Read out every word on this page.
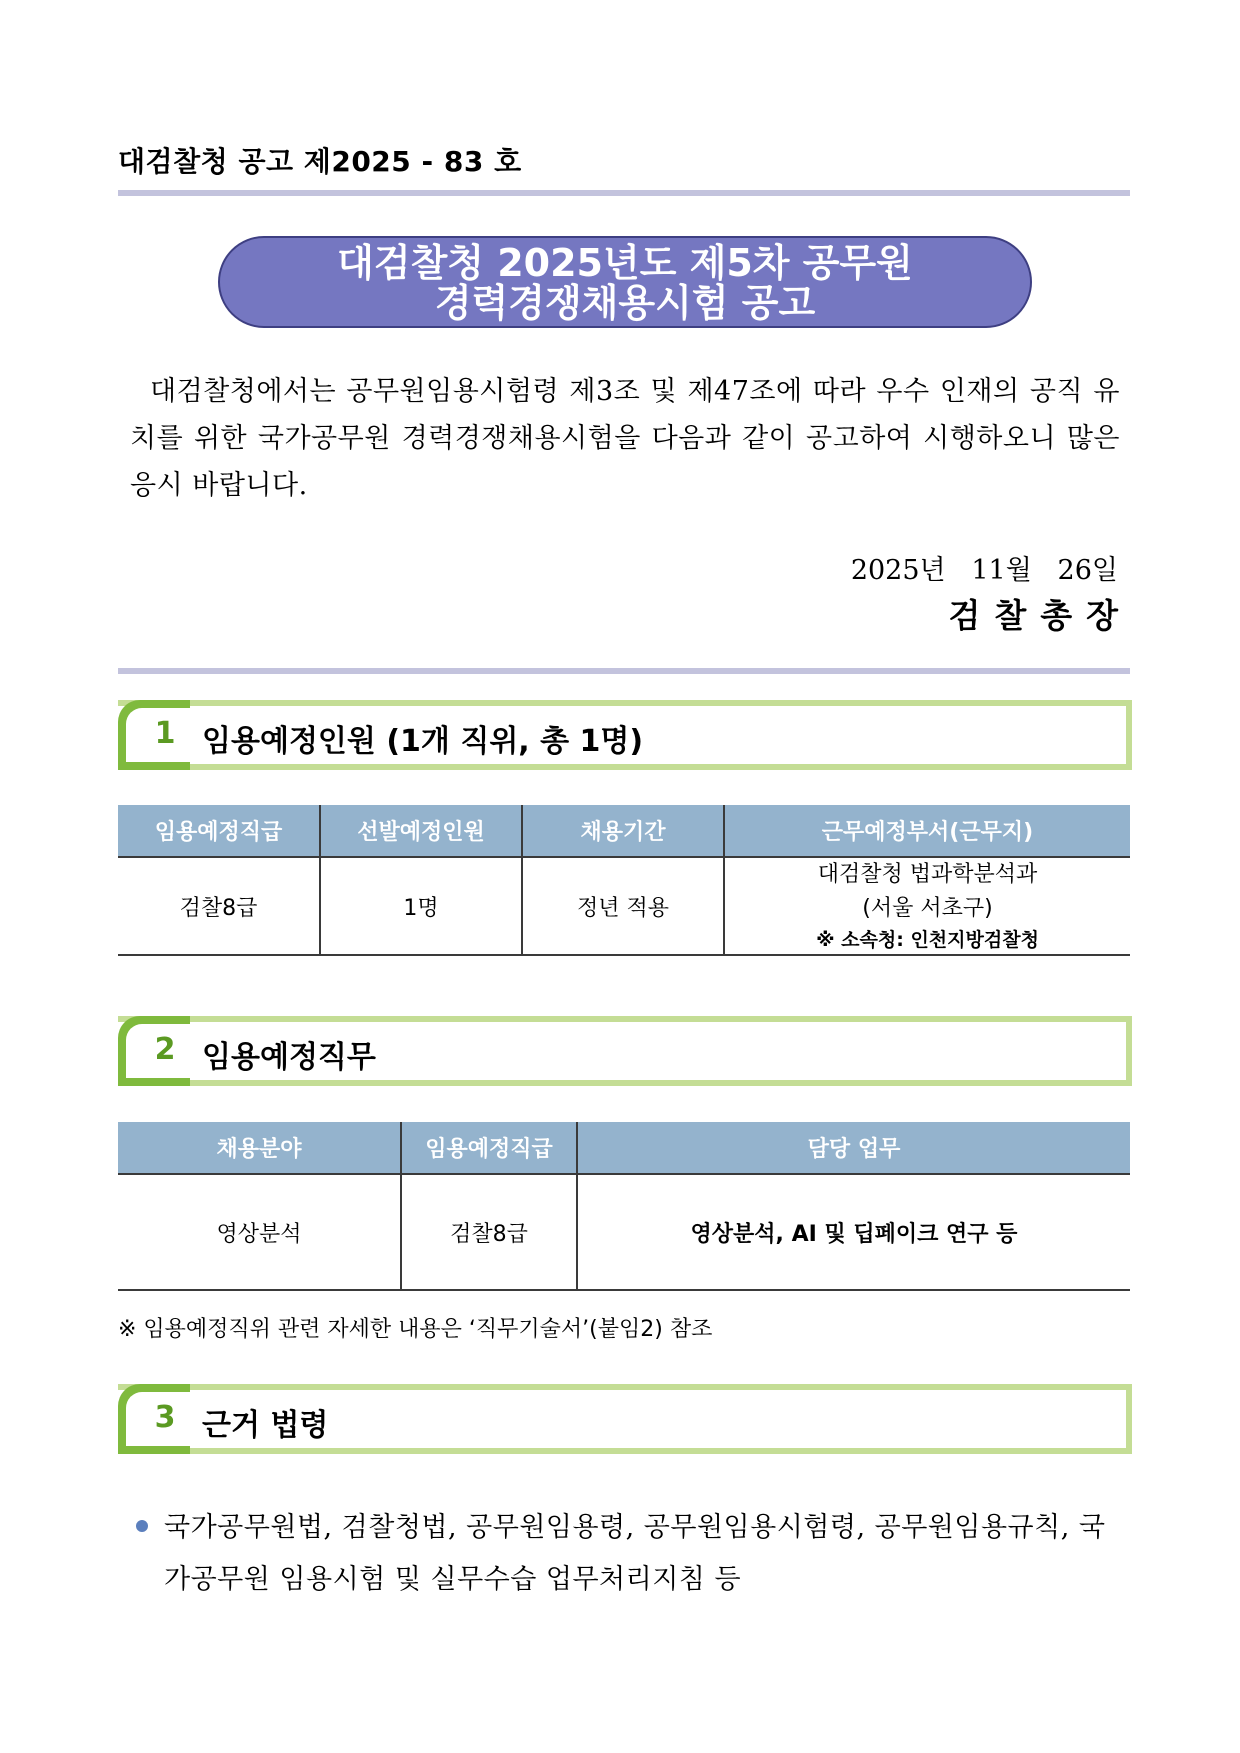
대검찰청 공고 제2025 - 83 호
대검찰청 2025년도 제5차 공무원
경력경쟁채용시험 공고

대검찰청에서는 공무원임용시험령 제3조 및 제47조에 따라 우수 인재의 공직 유치를 위한 국가공무원 경력경쟁채용시험을 다음과 같이 공고하여 시행하오니 많은 응시 바랍니다.

2025년   11월   26일
검찰총장
1 임용예정인원 (1개 직위, 총 1명)
임용예정직급	선발예정인원	채용기간	근무예정부서(근무지)
검찰8급	1명	정년 적용	대검찰청 법과학분석과
(서울 서초구)
※ 소속청: 인천지방검찰청
2 임용예정직무
채용분야	임용예정직급	담당 업무
영상분석	검찰8급	영상분석, AI 및 딥페이크 연구 등
※ 임용예정직위 관련 자세한 내용은 ‘직무기술서’(붙임2) 참조
3 근거 법령

국가공무원법, 검찰청법, 공무원임용령, 공무원임용시험령, 공무원임용규칙, 국가공무원 임용시험 및 실무수습 업무처리지침 등
